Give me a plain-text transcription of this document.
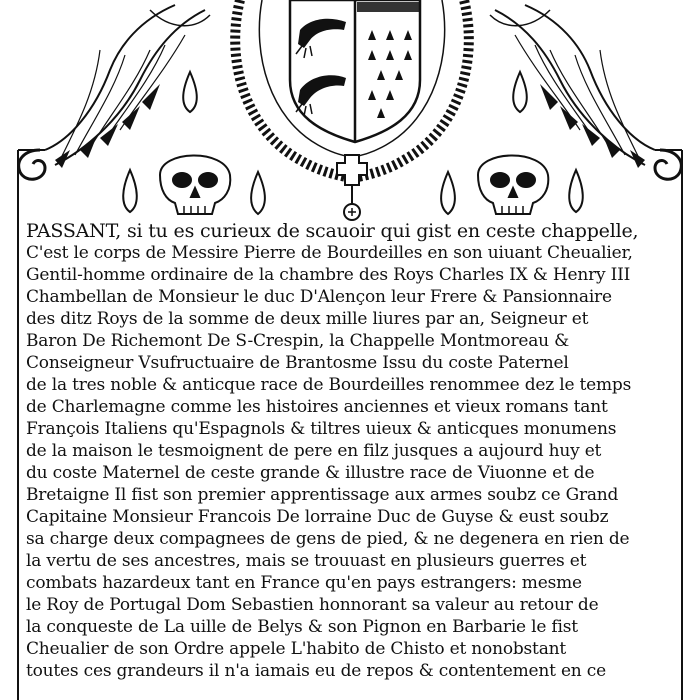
PASSANT, si tu es curieux de scauoir qui gist en ceste chappelle,
C'est le corps de Messire Pierre de Bourdeilles en son uiuant Cheualier,
Gentil-homme ordinaire de la chambre des Roys Charles IX & Henry III
Chambellan de Monsieur le duc D'Alençon leur Frere & Pansionnaire
des ditz Roys de la somme de deux mille liures par an, Seigneur et
Baron De Richemont De S-Crespin, la Chappelle Montmoreau &
Conseigneur Vsufructuaire de Brantosme Issu du coste Paternel
de la tres noble & anticque race de Bourdeilles renommee dez le temps
de Charlemagne comme les histoires anciennes et vieux romans tant
François Italiens qu'Espagnols & tiltres uieux & anticques monumens
de la maison le tesmoignent de pere en filz jusques a aujourd huy et
du coste Maternel de ceste grande & illustre race de Viuonne et de
Bretaigne Il fist son premier apprentissage aux armes soubz ce Grand
Capitaine Monsieur Francois De lorraine Duc de Guyse & eust soubz
sa charge deux compagnees de gens de pied, & ne degenera en rien de
la vertu de ses ancestres, mais se trouuast en plusieurs guerres et
combats hazardeux tant en France qu'en pays estrangers: mesme
le Roy de Portugal Dom Sebastien honnorant sa valeur au retour de
la conqueste de La uille de Belys & son Pignon en Barbarie le fist
Cheualier de son Ordre appele L'habito de Chisto et nonobstant
toutes ces grandeurs il n'a iamais eu de repos & contentement en ce
